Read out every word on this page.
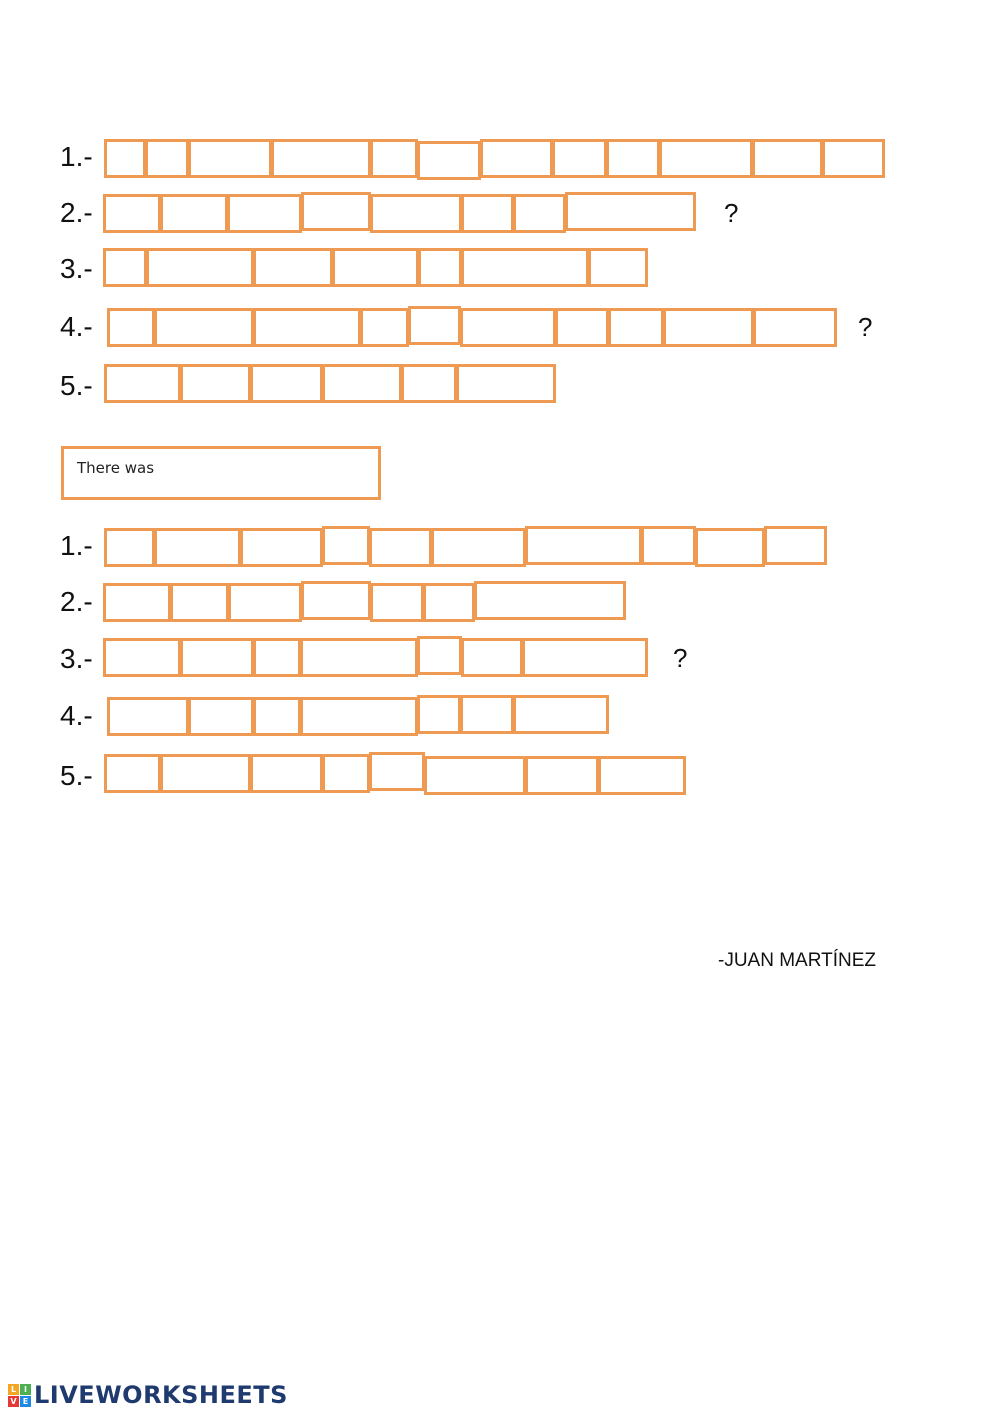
1.-
2.-	?
3.-
4.-	?
5.-
There was
1.-
2.-
3.-	?
4.-
5.-
-JUAN MARTÍNEZ
L I
V E LIVEWORKSHEETS
